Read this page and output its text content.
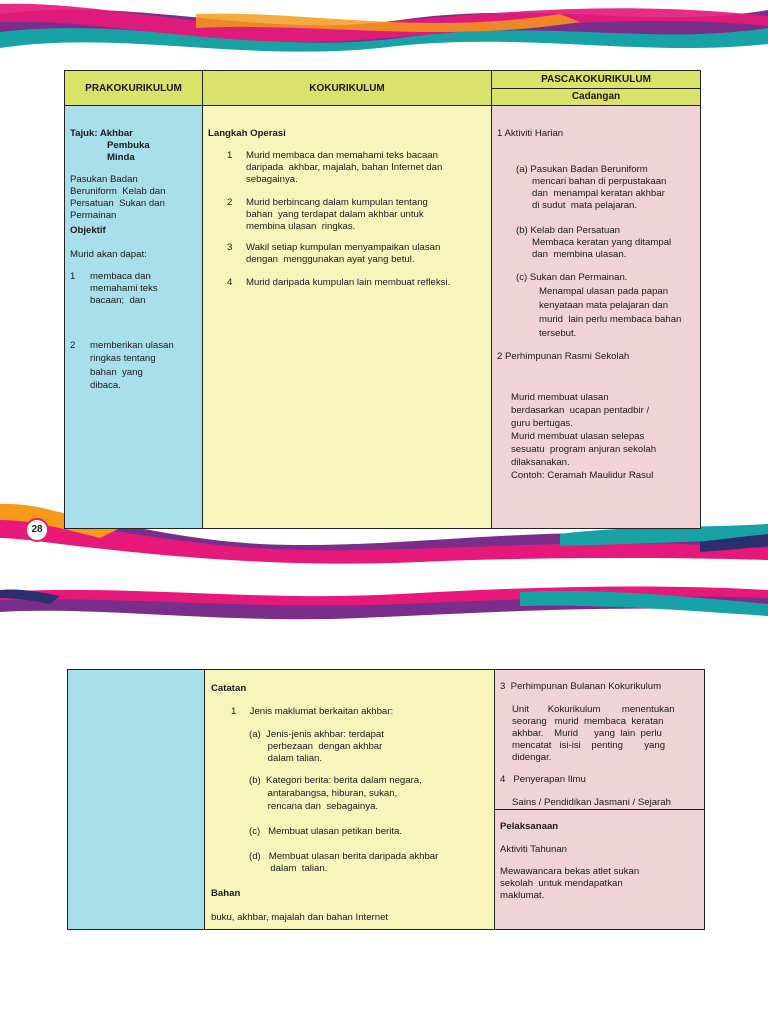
28
PRAKOKURIKULUM	KOKURIKULUM
PASCAKOKURIKULUM
Cadangan
Tajuk: Akhbar
Pembuka
Minda
Pasukan Badan
Beruniform  Kelab dan
Persatuan  Sukan dan
Permainan
Objektif
Murid akan dapat:
1 membaca dan
memahami teks
bacaan;  dan
2 memberikan ulasan
ringkas tentang
bahan  yang
dibaca.
Langkah Operasi
1 Murid membaca dan memahami teks bacaan
daripada  akhbar, majalah, bahan Internet dan
sebagainya.
2 Murid berbincang dalam kumpulan tentang
bahan  yang terdapat dalam akhbar untuk
membina ulasan  ringkas.
3 Wakil setiap kumpulan menyampaikan ulasan
dengan  menggunakan ayat yang betul.
4 Murid daripada kumpulan lain membuat refleksi.
1 Aktiviti Harian
(a) Pasukan Badan Beruniform
mencari bahan di perpustakaan
dan  menampal keratan akhbar
di sudut  mata pelajaran.
(b) Kelab dan Persatuan
Membaca keratan yang ditampal
dan  membina ulasan.
(c) Sukan dan Permainan.
Menampal ulasan pada papan
kenyataan mata pelajaran dan
murid  lain perlu membaca bahan
tersebut.
2 Perhimpunan Rasmi Sekolah
Murid membuat ulasan
berdasarkan  ucapan pentadbir /
guru bertugas.
Murid membuat ulasan selepas
sesuatu  program anjuran sekolah
dilaksanakan.
Contoh: Ceramah Maulidur Rasul
Catatan
1     Jenis maklumat berkaitan akhbar:
(a)  Jenis-jenis akhbar: terdapat
perbezaan  dengan akhbar
dalam talian.
(b)  Kategori berita: berita dalam negara,
antarabangsa, hiburan, sukan,
rencana dan  sebagainya.
(c)   Membuat ulasan petikan berita.
(d)   Membuat ulasan berita daripada akhbar
dalam  talian.
Bahan
buku, akhbar, majalah dan bahan Internet
3  Perhimpunan Bulanan Kokurikulum
Unit       Kokurikulum        menentukan
seorang   murid  membaca  keratan
akhbar.    Murid      yang  lain  perlu
mencatat   isi-isi    penting        yang
didengar.
4   Penyerapan Ilmu
Sains / Pendidikan Jasmani / Sejarah
Pelaksanaan
Aktiviti Tahunan
Mewawancara bekas atlet sukan
sekolah  untuk mendapatkan
maklumat.
